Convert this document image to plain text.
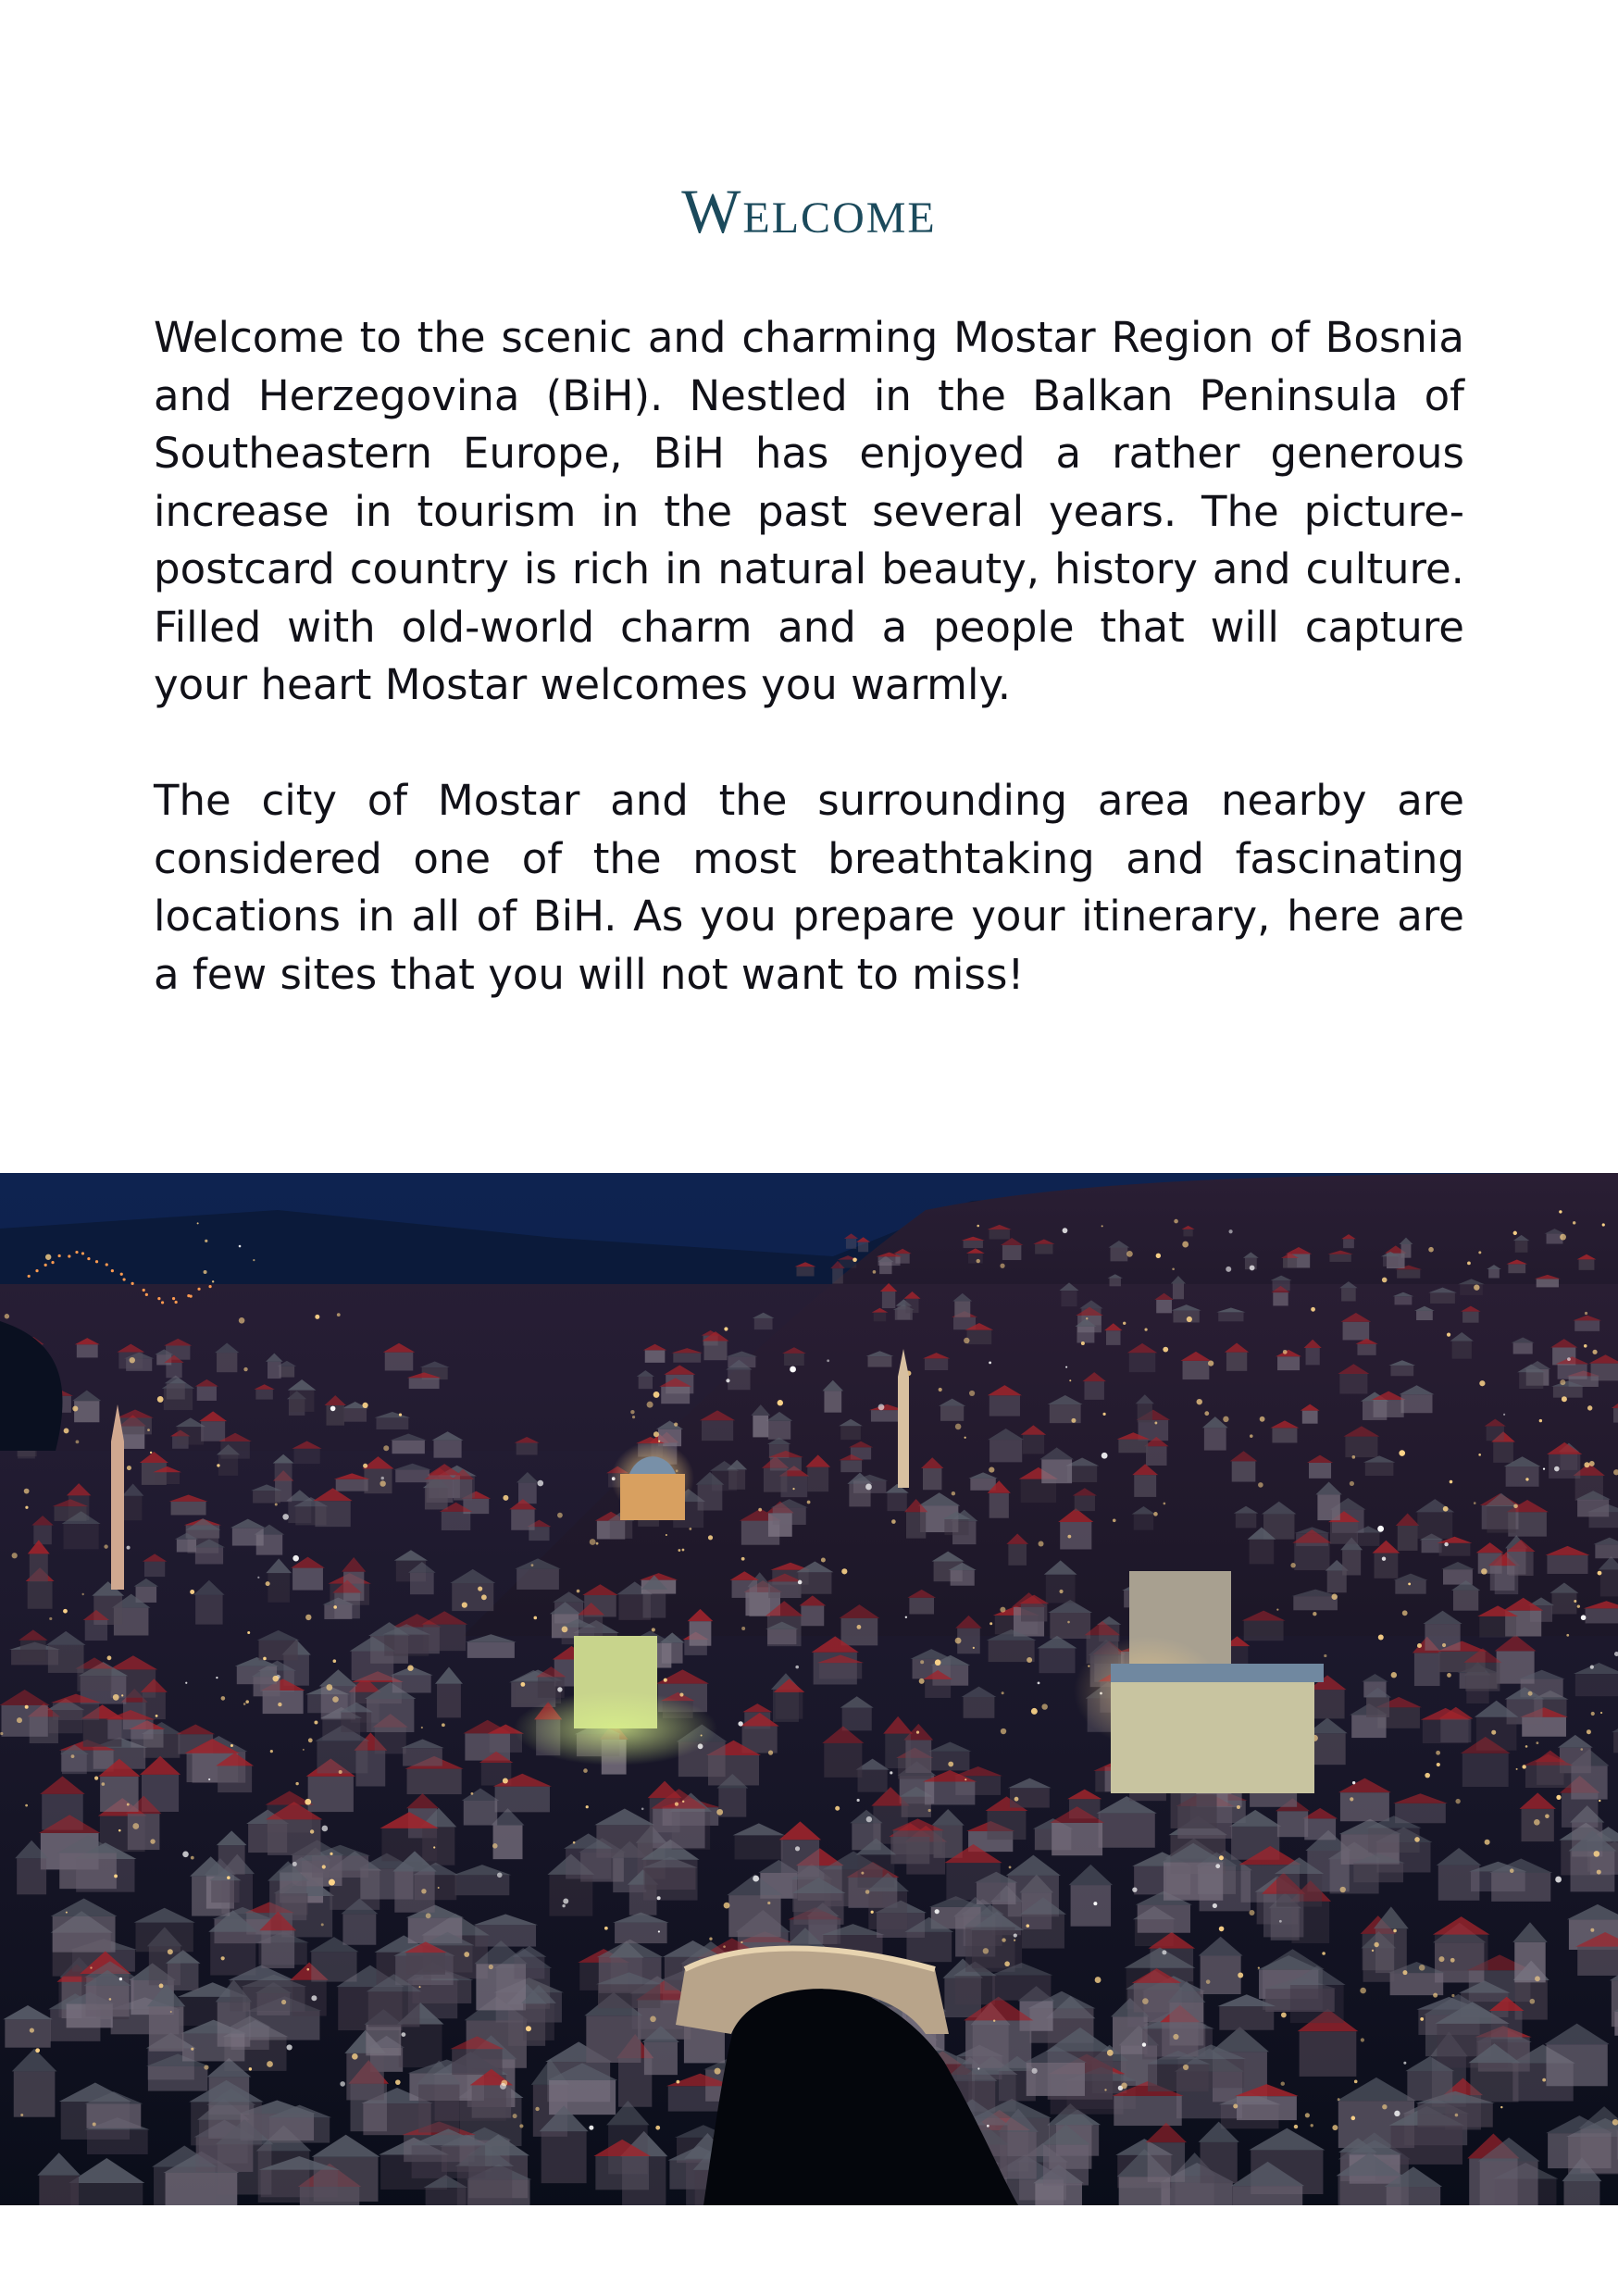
Welcome
Welcome to the scenic and charming Mostar Region of Bosnia
and Herzegovina (BiH). Nestled in the Balkan Peninsula of
Southeastern Europe, BiH has enjoyed a rather generous
increase in tourism in the past several years. The picture-
postcard country is rich in natural beauty, history and culture.
Filled with old-world charm and a people that will capture
your heart Mostar welcomes you warmly.
The city of Mostar and the surrounding area nearby are
considered one of the most breathtaking and fascinating
locations in all of BiH. As you prepare your itinerary, here are
a few sites that you will not want to miss!
